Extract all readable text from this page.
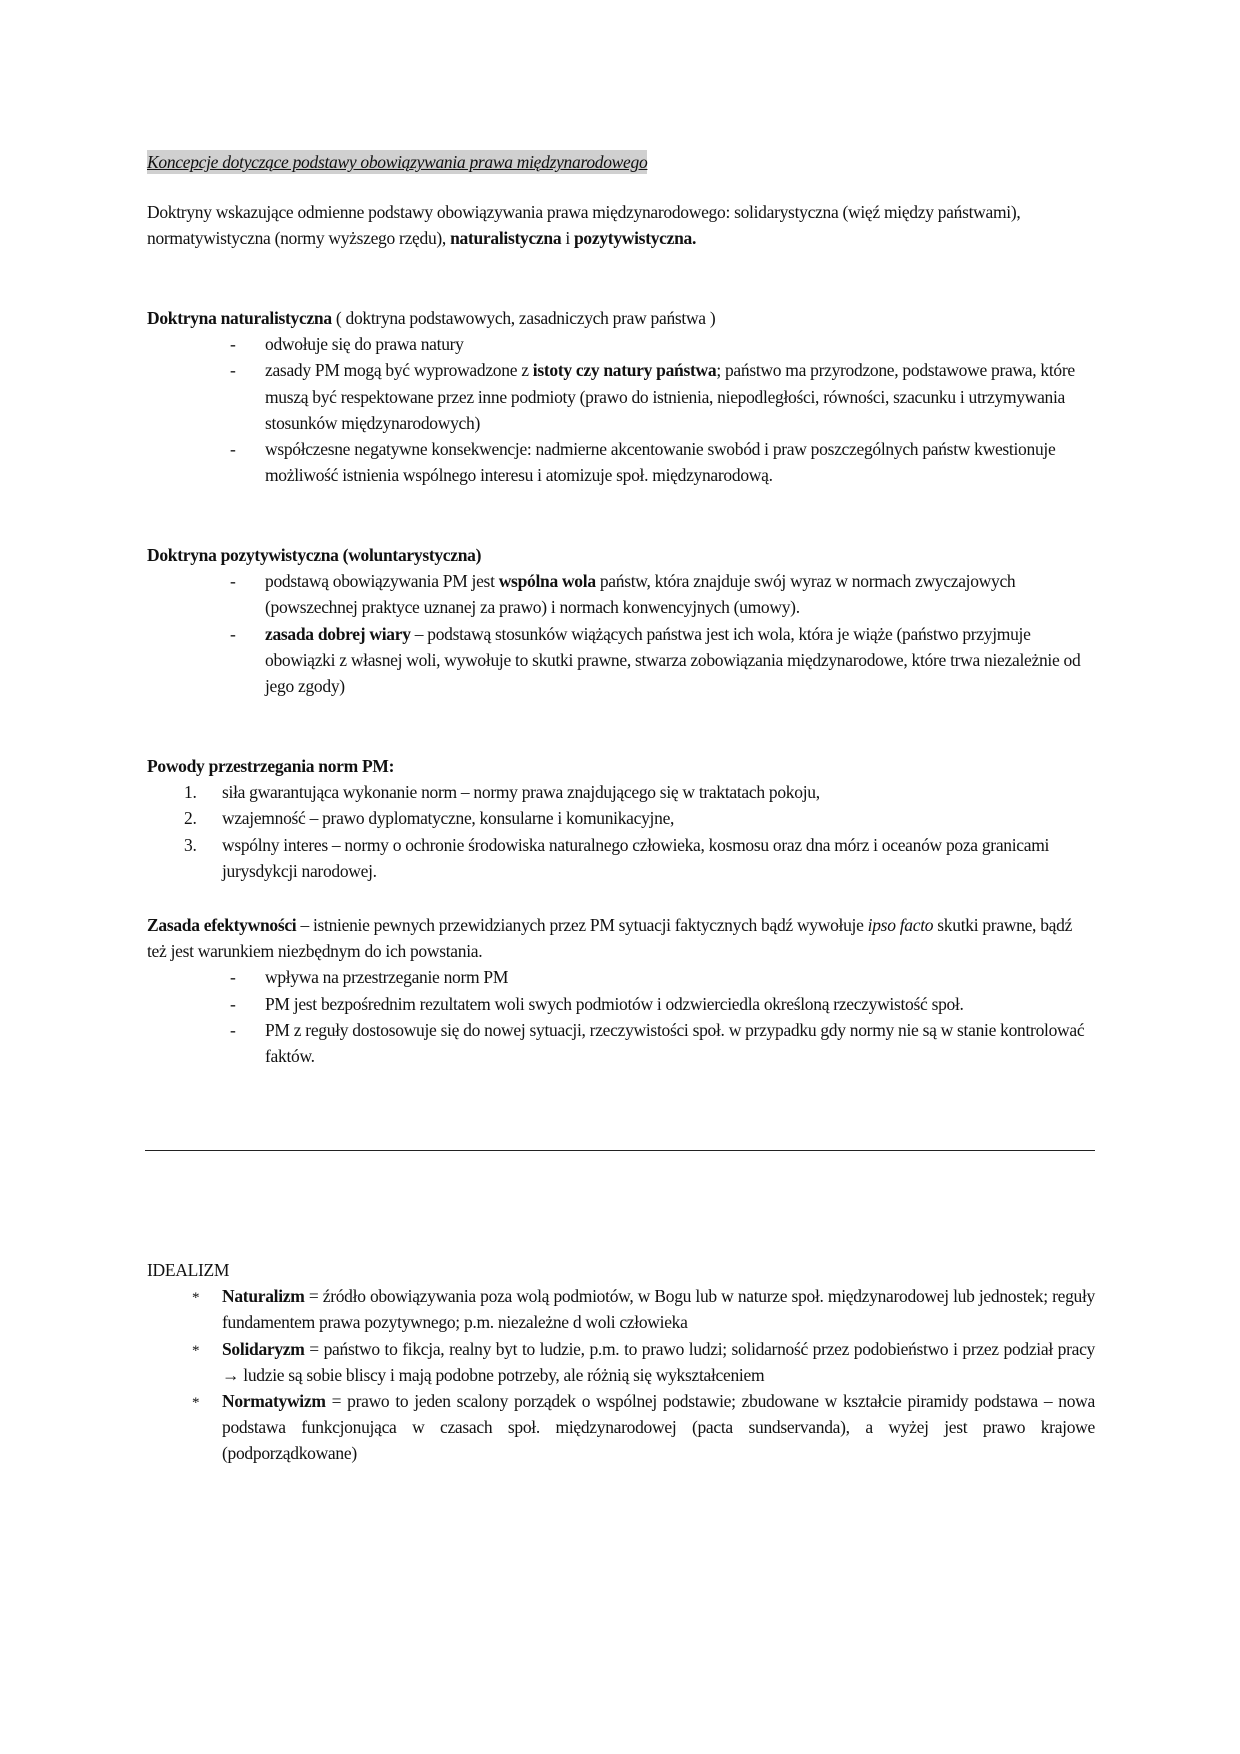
Koncepcje dotyczące podstawy obowiązywania prawa międzynarodowego

Doktryny wskazujące odmienne podstawy obowiązywania prawa międzynarodowego: solidarystyczna (więź między państwami), normatywistyczna (normy wyższego rzędu), naturalistyczna i pozytywistyczna.

Doktryna naturalistyczna ( doktryna podstawowych, zasadniczych praw państwa )

- odwołuje się do prawa natury
- zasady PM mogą być wyprowadzone z istoty czy natury państwa; państwo ma przyrodzone, podstawowe prawa, które muszą być respektowane przez inne podmioty (prawo do istnienia, niepodległości, równości, szacunku i utrzymywania stosunków międzynarodowych)
- współczesne negatywne konsekwencje: nadmierne akcentowanie swobód i praw poszczególnych państw kwestionuje możliwość istnienia wspólnego interesu i atomizuje społ. międzynarodową.

Doktryna pozytywistyczna (woluntarystyczna)

- podstawą obowiązywania PM jest wspólna wola państw, która znajduje swój wyraz w normach zwyczajowych (powszechnej praktyce uznanej za prawo) i normach konwencyjnych (umowy).
- zasada dobrej wiary – podstawą stosunków wiążących państwa jest ich wola, która je wiąże (państwo przyjmuje obowiązki z własnej woli, wywołuje to skutki prawne, stwarza zobowiązania międzynarodowe, które trwa niezależnie od jego zgody)

Powody przestrzegania norm PM:

1. siła gwarantująca wykonanie norm – normy prawa znajdującego się w traktatach pokoju,
2. wzajemność – prawo dyplomatyczne, konsularne i komunikacyjne,
3. wspólny interes – normy o ochronie środowiska naturalnego człowieka, kosmosu oraz dna mórz i oceanów poza granicami jurysdykcji narodowej.

Zasada efektywności – istnienie pewnych przewidzianych przez PM sytuacji faktycznych bądź wywołuje ipso facto skutki prawne, bądź też jest warunkiem niezbędnym do ich powstania.

- wpływa na przestrzeganie norm PM
- PM jest bezpośrednim rezultatem woli swych podmiotów i odzwierciedla określoną rzeczywistość społ.
- PM z reguły dostosowuje się do nowej sytuacji, rzeczywistości społ. w przypadku gdy normy nie są w stanie kontrolować faktów.

IDEALIZM

* Naturalizm = źródło obowiązywania poza wolą podmiotów, w Bogu lub w naturze społ. międzynarodowej lub jednostek; reguły fundamentem prawa pozytywnego; p.m. niezależne d woli człowieka
* Solidaryzm = państwo to fikcja, realny byt to ludzie, p.m. to prawo ludzi; solidarność przez podobieństwo i przez podział pracy → ludzie są sobie bliscy i mają podobne potrzeby, ale różnią się wykształceniem
* Normatywizm = prawo to jeden scalony porządek o wspólnej podstawie; zbudowane w kształcie piramidy podstawa – nowa podstawa funkcjonująca w czasach społ. międzynarodowej (pacta sundservanda), a wyżej jest prawo krajowe (podporządkowane)
